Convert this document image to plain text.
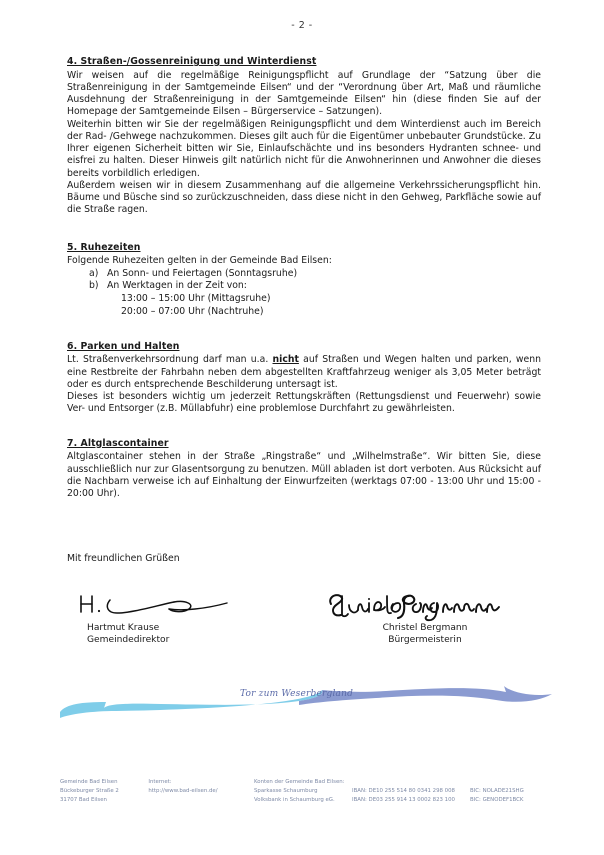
- 2 -
4. Straßen-/Gossenreinigung und Winterdienst

Wir weisen auf die regelmäßige Reinigungspflicht auf Grundlage der “Satzung über die Straßenreinigung in der Samtgemeinde Eilsen“ und der “Verordnung über Art, Maß und räumliche Ausdehnung der Straßenreinigung in der Samtgemeinde Eilsen“ hin (diese finden Sie auf der Homepage der Samtgemeinde Eilsen – Bürgerservice – Satzungen).

Weiterhin bitten wir Sie der regelmäßigen Reinigungspflicht und dem Winterdienst auch im Bereich der Rad- /Gehwege nachzukommen. Dieses gilt auch für die Eigentümer unbebauter Grundstücke. Zu Ihrer eigenen Sicherheit bitten wir Sie, Einlaufschächte und ins besonders Hydranten schnee- und eisfrei zu halten. Dieser Hinweis gilt natürlich nicht für die Anwohnerinnen und Anwohner die dieses bereits vorbildlich erledigen.

Außerdem weisen wir in diesem Zusammenhang auf die allgemeine Verkehrssicherungspflicht hin. Bäume und Büsche sind so zurückzuschneiden, dass diese nicht in den Gehweg, Parkfläche sowie auf die Straße ragen.

5. Ruhezeiten

Folgende Ruhezeiten gelten in der Gemeinde Bad Eilsen:

a) An Sonn- und Feiertagen (Sonntagsruhe)
b) An Werktagen in der Zeit von:
13:00 – 15:00 Uhr (Mittagsruhe)
20:00 – 07:00 Uhr (Nachtruhe)
6. Parken und Halten

Lt. Straßenverkehrsordnung darf man u.a. nicht auf Straßen und Wegen halten und parken, wenn eine Restbreite der Fahrbahn neben dem abgestellten Kraftfahrzeug weniger als 3,05 Meter beträgt oder es durch entsprechende Beschilderung untersagt ist.

Dieses ist besonders wichtig um jederzeit Rettungskräften (Rettungsdienst und Feuerwehr) sowie Ver- und Entsorger (z.B. Müllabfuhr) eine problemlose Durchfahrt zu gewährleisten.

7. Altglascontainer

Altglascontainer stehen in der Straße „Ringstraße“ und „Wilhelmstraße“. Wir bitten Sie, diese ausschließlich nur zur Glasentsorgung zu benutzen. Müll abladen ist dort verboten. Aus Rücksicht auf die Nachbarn verweise ich auf Einhaltung der Einwurfzeiten (werktags 07:00 - 13:00 Uhr und 15:00 - 20:00 Uhr).

Mit freundlichen Grüßen

Hartmut Krause
Gemeindedirektor
Christel Bergmann
Bürgermeisterin
Tor zum Weserbergland
Gemeinde Bad Eilsen
Bückeburger Straße 2
31707 Bad Eilsen
Internet:
http://www.bad-eilsen.de/
Konten der Gemeinde Bad Eilsen:
Sparkasse Schaumburg	IBAN: DE10 255 514 80 0341 298 008	BIC: NOLADE21SHG
Volksbank in Schaumburg eG.	IBAN: DE03 255 914 13 0002 823 100	BIC: GENODEF1BCK
